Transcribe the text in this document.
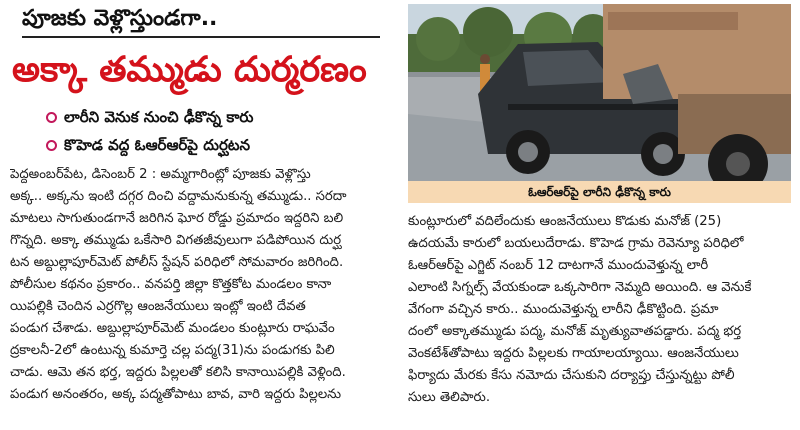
పూజకు వెళ్లొస్తుండగా..
అక్కా తమ్ముడు దుర్మరణం
లారీని వెనుక నుంచి ఢీకొన్న కారు
కొహెడ వద్ద ఓఆర్‌ఆర్‌పై దుర్ఘటన
ఓఆర్‌ఆర్‌పై లారీని ఢీకొన్న కారు
పెద్దఅంబర్‌పేట, డిసెంబర్ 2 : అమ్మగారింట్లో పూజకు వెళ్లొస్తు
అక్క.. అక్కను ఇంటి దగ్గర దించి వద్దామనుకున్న తమ్ముడు.. సరదా
మాటలు సాగుతుండగానే జరిగిన ఘోర రోడ్డు ప్రమాదం ఇద్దరిని బలి
గొన్నది. అక్కా తమ్ముడు ఒకేసారి విగతజీవులుగా పడిపోయిన దుర్ఘ
టన అబ్దుల్లాపూర్‌మెట్ పోలీస్ స్టేషన్ పరిధిలో సోమవారం జరిగింది.
పోలీసుల కథనం ప్రకారం.. వనపర్తి జిల్లా కొత్తకోట మండలం కానా
యిపల్లికి చెందిన ఎర్రగొల్ల ఆంజనేయులు ఇంట్లో ఇంటి దేవత
పండుగ చేశాడు. అబ్దుల్లాపూర్‌మెట్ మండలం కుంట్లూరు రాఘవేం
ద్రకాలనీ-2లో ఉంటున్న కుమార్తె చల్ల పద్మ(31)ను పండుగకు పిలి
చాడు. ఆమె తన భర్త, ఇద్దరు పిల్లలతో కలిసి కానాయిపల్లికి వెళ్లింది.
పండుగ అనంతరం, అక్క పద్మతోపాటు బావ, వారి ఇద్దరు పిల్లలను
కుంట్లూరులో వదిలేందుకు ఆంజనేయులు కొడుకు మనోజ్ (25)
ఉదయమే కారులో బయలుదేరాడు. కొహెడ గ్రామ రెవెన్యూ పరిధిలో
ఓఆర్‌ఆర్‌పై ఎగ్జిట్ నంబర్ 12 దాటగానే ముందువెళ్తున్న లారీ
ఎలాంటి సిగ్నల్స్ వేయకుండా ఒక్కసారిగా నెమ్మది అయింది. ఆ వెనుకే
వేగంగా వచ్చిన కారు.. ముందువెళ్తున్న లారీని ఢీకొట్టింది. ప్రమా
దంలో అక్కాతమ్ముడు పద్మ, మనోజ్ మృత్యువాతపడ్డారు. పద్మ భర్త
వెంకటేశ్‌తోపాటు ఇద్దరు పిల్లలకు గాయాలయ్యాయి. ఆంజనేయులు
ఫిర్యాదు మేరకు కేసు నమోదు చేసుకుని దర్యాప్తు చేస్తున్నట్టు పోలీ
సులు తెలిపారు.
